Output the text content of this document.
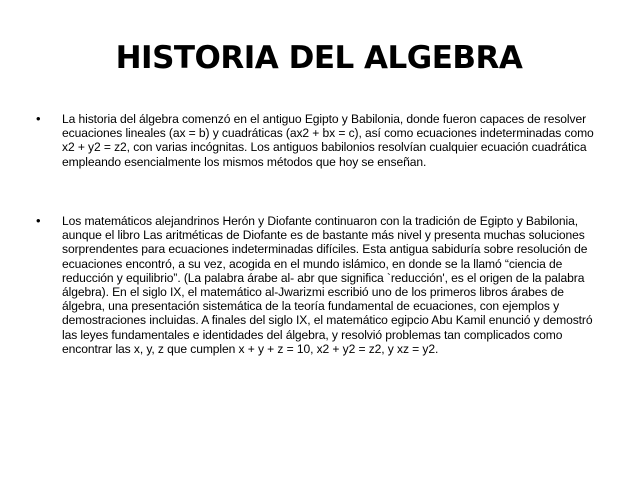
HISTORIA DEL ALGEBRA
• La historia del álgebra comenzó en el antiguo Egipto y Babilonia, donde fueron capaces de resolver ecuaciones lineales (ax = b) y cuadráticas (ax2 + bx = c), así como ecuaciones indeterminadas como x2 + y2 = z2, con varias incógnitas. Los antiguos babilonios resolvían cualquier ecuación cuadrática empleando esencialmente los mismos métodos que hoy se enseñan.
• Los matemáticos alejandrinos Herón y Diofante continuaron con la tradición de Egipto y Babilonia, aunque el libro Las aritméticas de Diofante es de bastante más nivel y presenta muchas soluciones sorprendentes para ecuaciones indeterminadas difíciles. Esta antigua sabiduría sobre resolución de ecuaciones encontró, a su vez, acogida en el mundo islámico, en donde se la llamó “ciencia de reducción y equilibrio”. (La palabra árabe al- abr que significa `reducción', es el origen de la palabra álgebra). En el siglo IX, el matemático al-Jwarizmi escribió uno de los primeros libros árabes de álgebra, una presentación sistemática de la teoría fundamental de ecuaciones, con ejemplos y demostraciones incluidas. A finales del siglo IX, el matemático egipcio Abu Kamil enunció y demostró las leyes fundamentales e identidades del álgebra, y resolvió problemas tan complicados como encontrar las x, y, z que cumplen x + y + z = 10, x2 + y2 = z2, y xz = y2.
